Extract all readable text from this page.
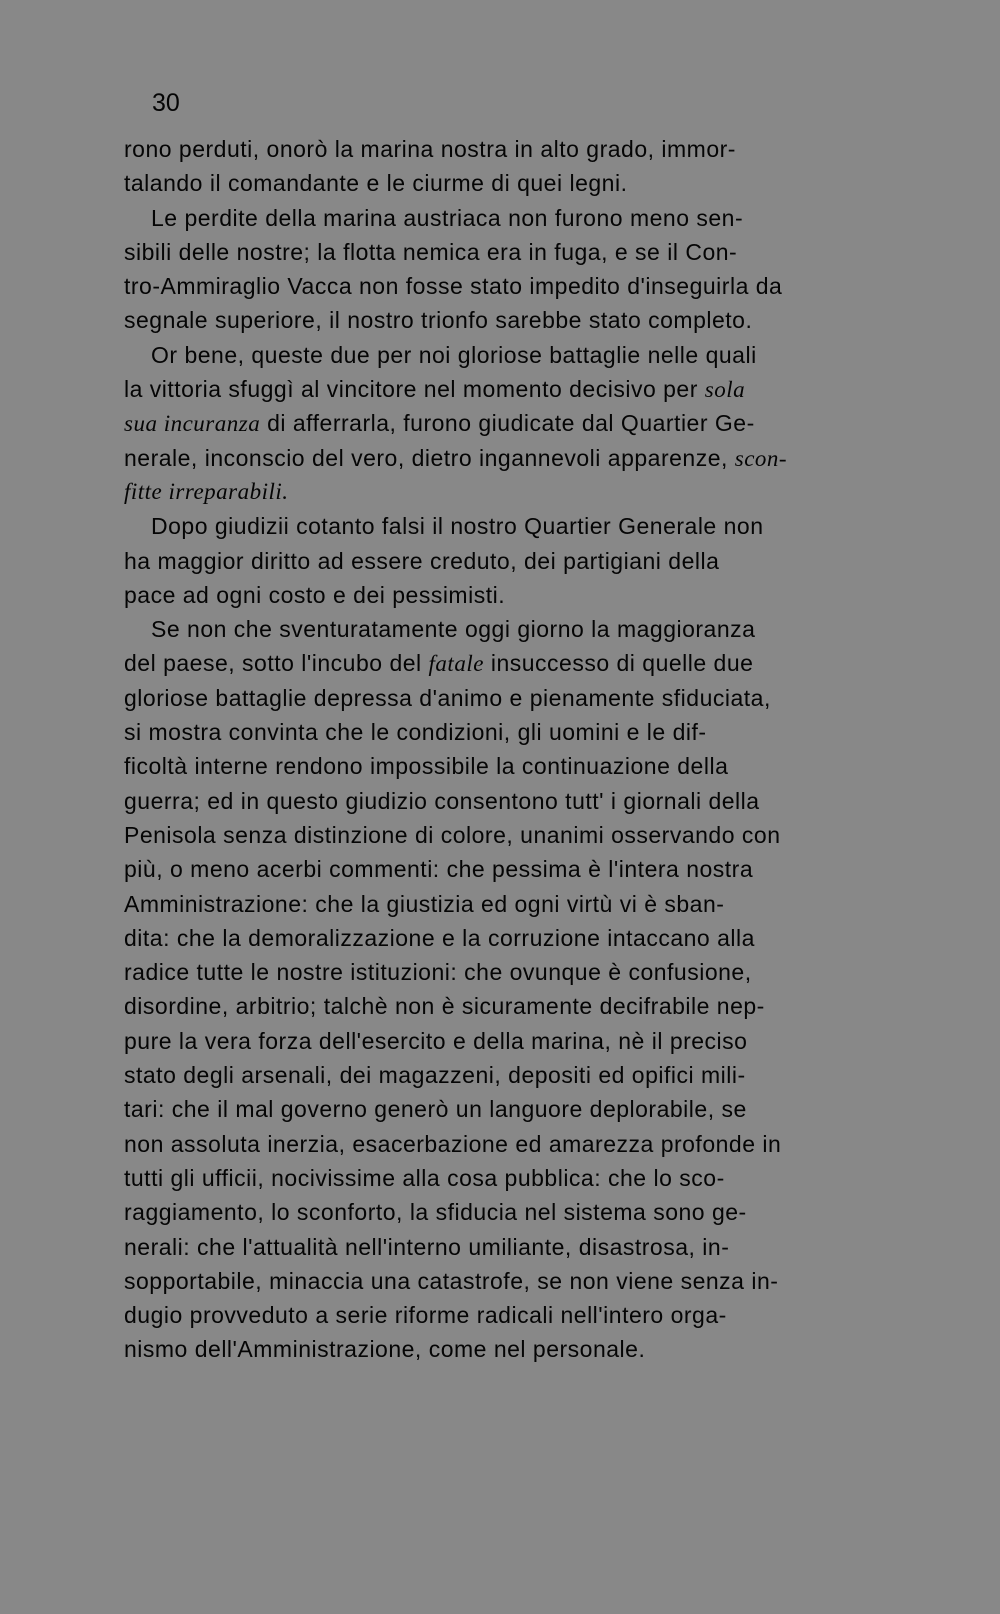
30
rono perduti, onorò la marina nostra in alto grado, immor-
talando il comandante e le ciurme di quei legni.
Le perdite della marina austriaca non furono meno sen-
sibili delle nostre; la flotta nemica era in fuga, e se il Con-
tro-Ammiraglio Vacca non fosse stato impedito d'inseguirla da
segnale superiore, il nostro trionfo sarebbe stato completo.
Or bene, queste due per noi gloriose battaglie nelle quali
la vittoria sfuggì al vincitore nel momento decisivo per sola
sua incuranza di afferrarla, furono giudicate dal Quartier Ge-
nerale, inconscio del vero, dietro ingannevoli apparenze, scon-
fitte irreparabili.
Dopo giudizii cotanto falsi il nostro Quartier Generale non
ha maggior diritto ad essere creduto, dei partigiani della
pace ad ogni costo e dei pessimisti.
Se non che sventuratamente oggi giorno la maggioranza
del paese, sotto l'incubo del fatale insuccesso di quelle due
gloriose battaglie depressa d'animo e pienamente sfiduciata,
si mostra convinta che le condizioni, gli uomini e le dif-
ficoltà interne rendono impossibile la continuazione della
guerra; ed in questo giudizio consentono tutt' i giornali della
Penisola senza distinzione di colore, unanimi osservando con
più, o meno acerbi commenti: che pessima è l'intera nostra
Amministrazione: che la giustizia ed ogni virtù vi è sban-
dita: che la demoralizzazione e la corruzione intaccano alla
radice tutte le nostre istituzioni: che ovunque è confusione,
disordine, arbitrio; talchè non è sicuramente decifrabile nep-
pure la vera forza dell'esercito e della marina, nè il preciso
stato degli arsenali, dei magazzeni, depositi ed opifici mili-
tari: che il mal governo generò un languore deplorabile, se
non assoluta inerzia, esacerbazione ed amarezza profonde in
tutti gli ufficii, nocivissime alla cosa pubblica: che lo sco-
raggiamento, lo sconforto, la sfiducia nel sistema sono ge-
nerali: che l'attualità nell'interno umiliante, disastrosa, in-
sopportabile, minaccia una catastrofe, se non viene senza in-
dugio provveduto a serie riforme radicali nell'intero orga-
nismo dell'Amministrazione, come nel personale.
